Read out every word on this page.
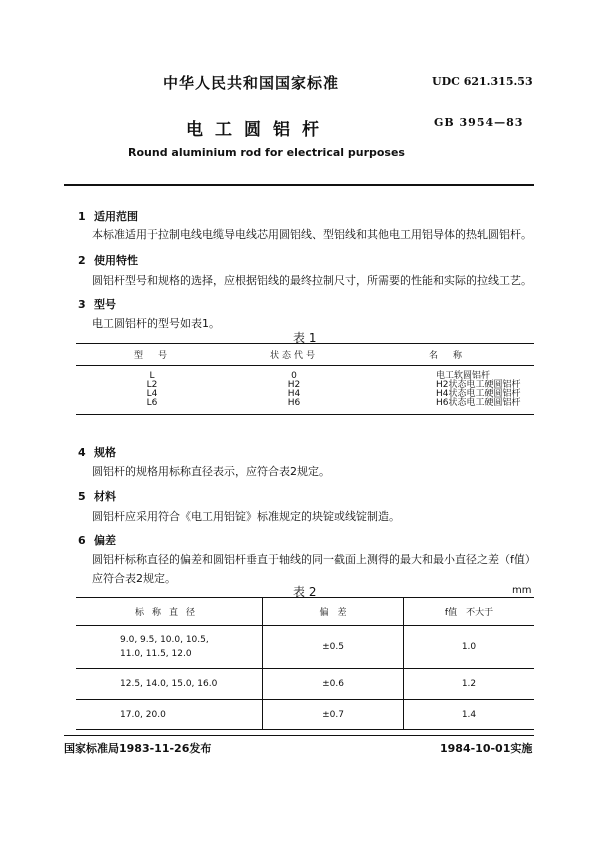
中华人民共和国国家标准	UDC 621.315.53
电工圆铝杆	GB 3954—83
Round aluminium rod for electrical purposes
1 适用范围
本标准适用于拉制电线电缆导电线芯用圆铝线、型铝线和其他电工用铝导体的热轧圆铝杆。
2 使用特性
圆铝杆型号和规格的选择，应根据铝线的最终拉制尺寸，所需要的性能和实际的拉线工艺。
3 型号
电工圆铝杆的型号如表1。
表 1
型　号	状态代号	名　称
L	0	电工软圆铝杆
L2	H2	H2状态电工硬圆铝杆
L4	H4	H4状态电工硬圆铝杆
L6	H6	H6状态电工硬圆铝杆
4 规格
圆铝杆的规格用标称直径表示，应符合表2规定。
5 材料
圆铝杆应采用符合《电工用铝锭》标准规定的块锭或线锭制造。
6 偏差
圆铝杆标称直径的偏差和圆铝杆垂直于轴线的同一截面上测得的最大和最小直径之差（f值）应符合表2规定。
表 2	mm
标称直径	偏　差	f值　不大于

9.0, 9.5, 10.0, 10.5,
11.0, 11.5, 12.0	±0.5	1.0

12.5, 14.0, 15.0, 16.0	±0.6	1.2

17.0, 20.0	±0.7	1.4
国家标准局1983-11-26发布	1984-10-01实施
